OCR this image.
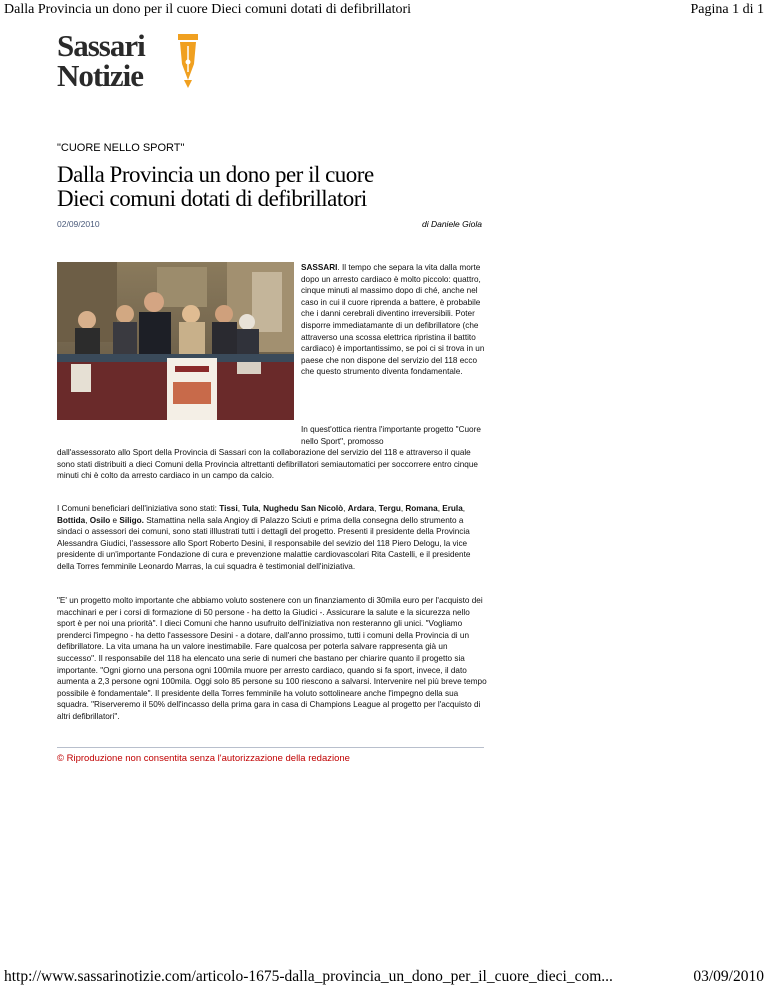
Dalla Provincia un dono per il cuore Dieci comuni dotati di defibrillatori	Pagina 1 di 1
Sassari
Notizie
"CUORE NELLO SPORT"
Dalla Provincia un dono per il cuore
Dieci comuni dotati di defibrillatori
02/09/2010	di Daniele Giola
SASSARI. Il tempo che separa la vita dalla morte dopo un arresto cardiaco è molto piccolo: quattro, cinque minuti al massimo dopo di ché, anche nel caso in cui il cuore riprenda a battere, è probabile che i danni cerebrali diventino irreversibili. Poter disporre immediatamante di un defibrillatore (che attraverso una scossa elettrica ripristina il battito cardiaco) è importantissimo, se poi ci si trova in un paese che non dispone del servizio del 118 ecco che questo strumento diventa fondamentale.
In quest'ottica rientra l'importante progetto "Cuore nello Sport", promosso
dall'assessorato allo Sport della Provincia di Sassari con la collaborazione del servizio del 118 e attraverso il quale sono stati distribuiti a dieci Comuni della Provincia altrettanti defibrillatori semiautomatici per soccorrere entro cinque minuti chi è colto da arresto cardiaco in un campo da calcio.
I Comuni beneficiari dell'iniziativa sono stati: Tissi, Tula, Nughedu San Nicolò, Ardara, Tergu, Romana, Erula, Bottida, Osilo e Siligo. Stamattina nella sala Angioy di Palazzo Sciuti e prima della consegna dello strumento a sindaci o assessori dei comuni, sono stati illlustrati tutti i dettagli del progetto. Presenti il presidente della Provincia Alessandra Giudici, l'assessore allo Sport Roberto Desini, il responsabile del sevizio del 118 Piero Delogu, la vice presidente di un'importante Fondazione di cura e prevenzione malattie cardiovascolari Rita Castelli, e il presidente della Torres femminile Leonardo Marras, la cui squadra è testimonial dell'iniziativa.
"E' un progetto molto importante che abbiamo voluto sostenere con un finanziamento di 30mila euro per l'acquisto dei macchinari e per i corsi di formazione di 50 persone - ha detto la Giudici -. Assicurare la salute e la sicurezza nello sport è per noi una priorità". I dieci Comuni che hanno usufruito dell'iniziativa non resteranno gli unici. "Vogliamo prenderci l'impegno - ha detto l'assessore Desini - a dotare, dall'anno prossimo, tutti i comuni della Provincia di un defibrillatore. La vita umana ha un valore inestimabile. Fare qualcosa per poterla salvare rappresenta già un successo". Il responsabile del 118 ha elencato una serie di numeri che bastano per chiarire quanto il progetto sia importante. "Ogni giorno una persona ogni 100mila muore per arresto cardiaco, quando si fa sport, invece, il dato aumenta a 2,3 persone ogni 100mila. Oggi solo 85 persone su 100 riescono a salvarsi. Intervenire nel più breve tempo possibile è fondamentale". Il presidente della Torres femminile ha voluto sottolineare anche l'impegno della sua squadra. "Riserveremo il 50% dell'incasso della prima gara in casa di Champions League al progetto per l'acquisto di altri defibrillatori".
© Riproduzione non consentita senza l'autorizzazione della redazione
http://www.sassarinotizie.com/articolo-1675-dalla_provincia_un_dono_per_il_cuore_dieci_com...	03/09/2010
